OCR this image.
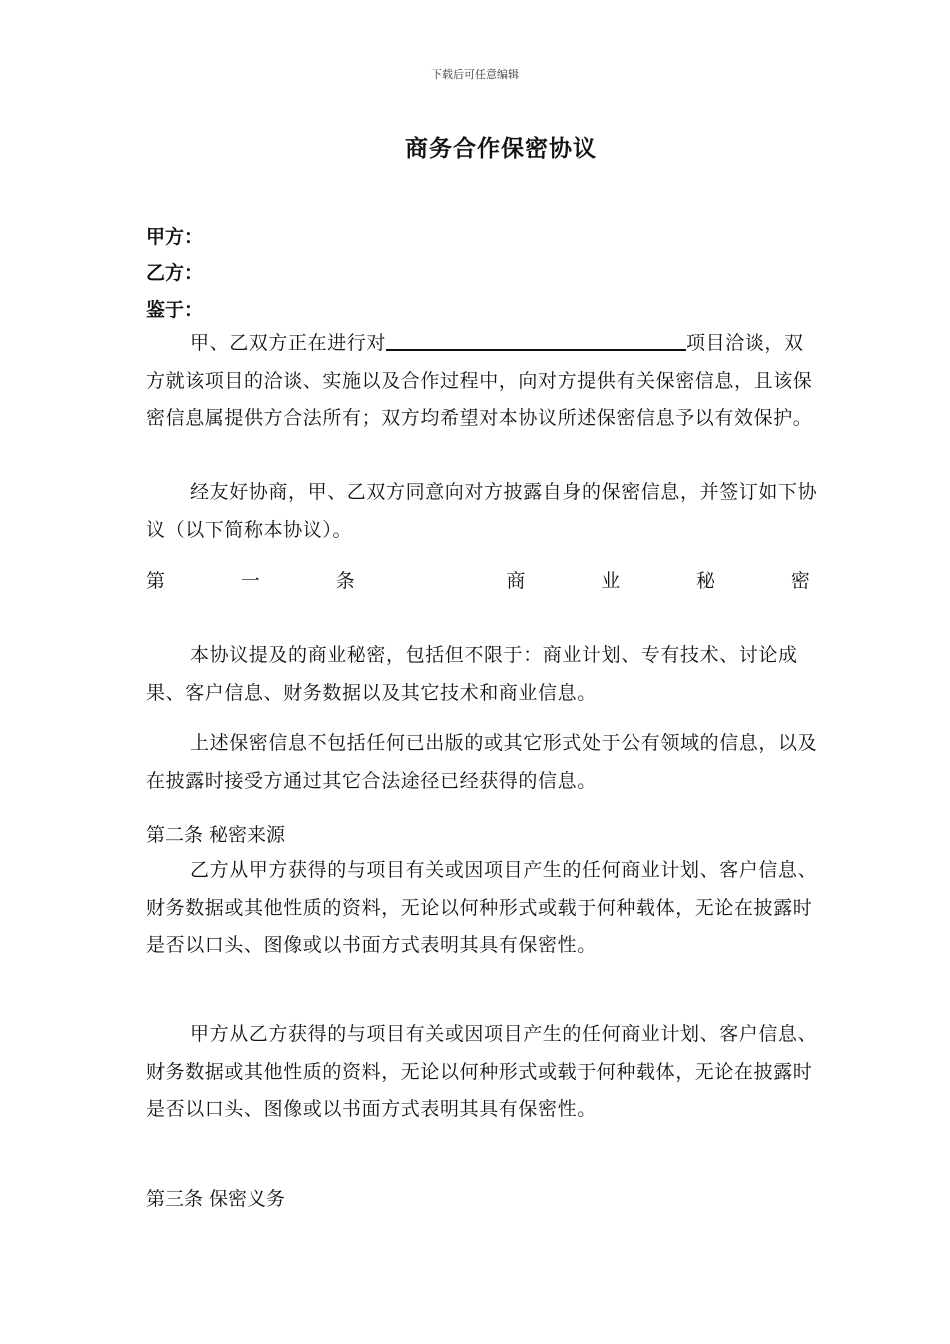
下载后可任意编辑
商务合作保密协议
甲方：
乙方：
鉴于：
甲、乙双方正在进行对	项目洽谈，双方就该项目的洽谈、实施以及合作过程中，向对方提供有关保密信息，且该保密信息属提供方合法所有；双方均希望对本协议所述保密信息予以有效保护。
经友好协商，甲、乙双方同意向对方披露自身的保密信息，并签订如下协议（以下简称本协议）。
第	一	条	商	业	秘	密
本协议提及的商业秘密，包括但不限于：商业计划、专有技术、讨论成果、客户信息、财务数据以及其它技术和商业信息。
上述保密信息不包括任何已出版的或其它形式处于公有领域的信息，以及在披露时接受方通过其它合法途径已经获得的信息。
第二条 秘密来源
乙方从甲方获得的与项目有关或因项目产生的任何商业计划、客户信息、财务数据或其他性质的资料，无论以何种形式或载于何种载体，无论在披露时是否以口头、图像或以书面方式表明其具有保密性。
甲方从乙方获得的与项目有关或因项目产生的任何商业计划、客户信息、财务数据或其他性质的资料，无论以何种形式或载于何种载体，无论在披露时是否以口头、图像或以书面方式表明其具有保密性。
第三条 保密义务
